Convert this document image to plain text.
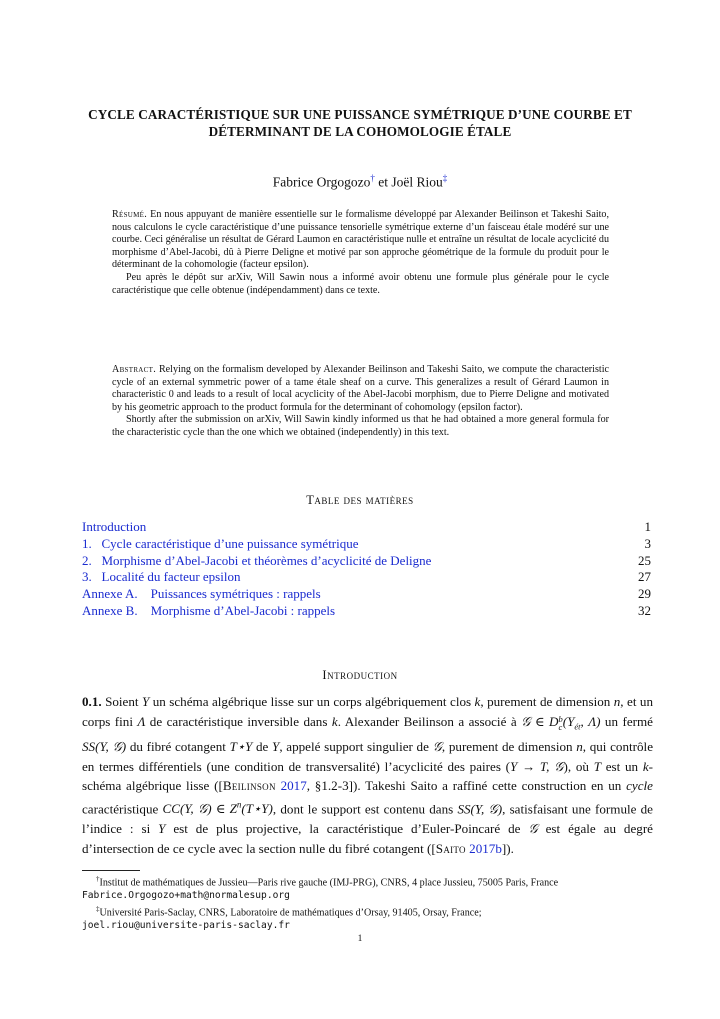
CYCLE CARACTÉRISTIQUE SUR UNE PUISSANCE SYMÉTRIQUE D’UNE COURBE ET DÉTERMINANT DE LA COHOMOLOGIE ÉTALE
Fabrice Orgogozo† et Joël Riou‡

Résumé. En nous appuyant de manière essentielle sur le formalisme développé par Alexander Beilinson et Takeshi Saito, nous calculons le cycle caractéristique d’une puissance tensorielle symétrique externe d’un faisceau étale modéré sur une courbe. Ceci généralise un résultat de Gérard Laumon en caractéristique nulle et entraîne un résultat de locale acyclicité du morphisme d’Abel-Jacobi, dû à Pierre Deligne et motivé par son approche géométrique de la formule du produit pour le déterminant de la cohomologie (facteur epsilon).

Peu après le dépôt sur arXiv, Will Sawin nous a informé avoir obtenu une formule plus générale pour le cycle caractéristique que celle obtenue (indépendamment) dans ce texte.

Abstract. Relying on the formalism developed by Alexander Beilinson and Takeshi Saito, we compute the characteristic cycle of an external symmetric power of a tame étale sheaf on a curve. This generalizes a result of Gérard Laumon in characteristic 0 and leads to a result of local acyclicity of the Abel-Jacobi morphism, due to Pierre Deligne and motivated by his geometric approach to the product formula for the determinant of cohomology (epsilon factor).

Shortly after the submission on arXiv, Will Sawin kindly informed us that he had obtained a more general formula for the characteristic cycle than the one which we obtained (independently) in this text.

Table des matières
Introduction	1
1.   Cycle caractéristique d’une puissance symétrique	3
2.   Morphisme d’Abel-Jacobi et théorèmes d’acyclicité de Deligne	25
3.   Localité du facteur epsilon	27
Annexe A.    Puissances symétriques : rappels	29
Annexe B.    Morphisme d’Abel-Jacobi : rappels	32
Introduction

0.1. Soient Y un schéma algébrique lisse sur un corps algébriquement clos k, purement de dimension n, et un corps fini Λ de caractéristique inversible dans k. Alexander Beilinson a associé à 𝒢 ∈ D b
c ($Y_{ét}$, Λ) un fermé SS(Y, 𝒢) du fibré cotangent T⋆Y de Y, appelé support singulier de 𝒢, purement de dimension n, qui contrôle en termes différentiels (une condition de transversalité) l’acyclicité des paires (Y → T, 𝒢), où T est un k-schéma algébrique lisse ([Beilinson 2017, §1.2-3]). Takeshi Saito a raffiné cette construction en un cycle caractéristique CC(Y, 𝒢) ∈ $Z^n(T⋆Y)$, dont le support est contenu dans SS(Y, 𝒢), satisfaisant une formule de l’indice : si Y est de plus projective, la caractéristique d’Euler-Poincaré de 𝒢 est égale au degré d’intersection de ce cycle avec la section nulle du fibré cotangent ([Saito 2017b]).

†Institut de mathématiques de Jussieu—Paris rive gauche (IMJ-PRG), CNRS, 4 place Jussieu, 75005 Paris, France

Fabrice.Orgogozo+math@normalesup.org

‡Université Paris-Saclay, CNRS, Laboratoire de mathématiques d’Orsay, 91405, Orsay, France;

joel.riou@universite-paris-saclay.fr

1
